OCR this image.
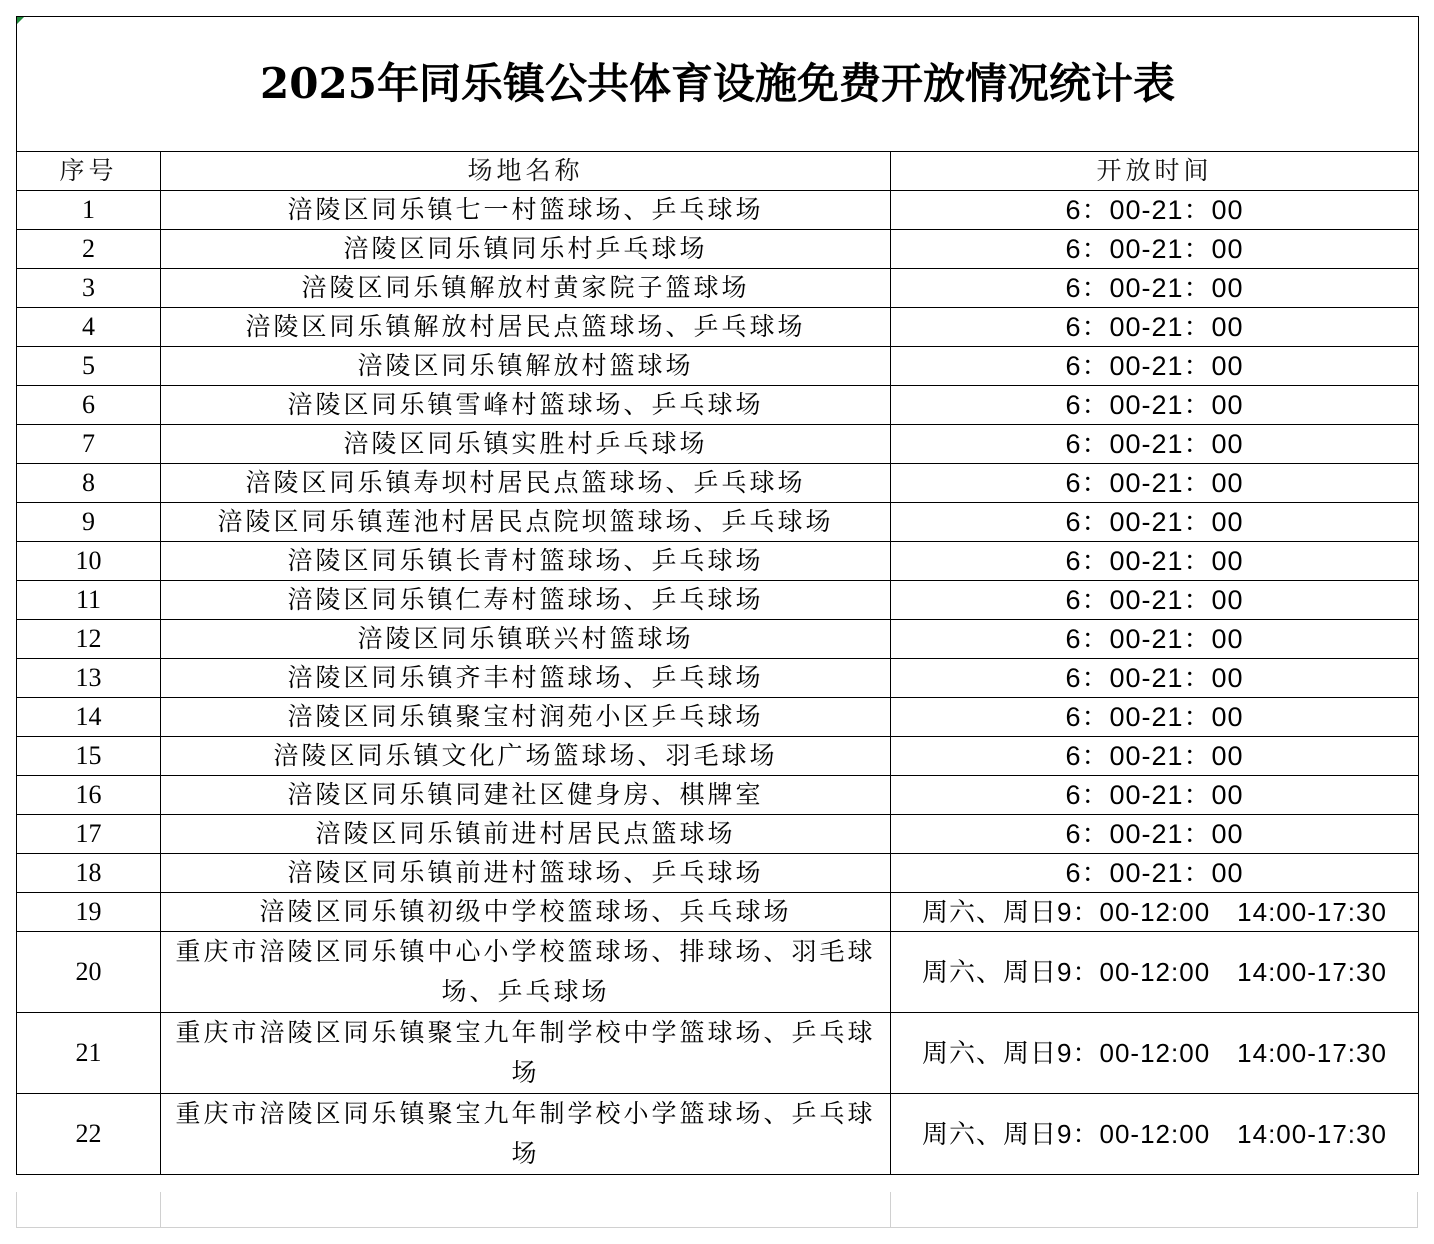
2025年同乐镇公共体育设施免费开放情况统计表		
序号	场地名称	开放时间
1	涪陵区同乐镇七一村篮球场、乒乓球场	6：00-21：00
2	涪陵区同乐镇同乐村乒乓球场	6：00-21：00
3	涪陵区同乐镇解放村黄家院子篮球场	6：00-21：00
4	涪陵区同乐镇解放村居民点篮球场、乒乓球场	6：00-21：00
5	涪陵区同乐镇解放村篮球场	6：00-21：00
6	涪陵区同乐镇雪峰村篮球场、乒乓球场	6：00-21：00
7	涪陵区同乐镇实胜村乒乓球场	6：00-21：00
8	涪陵区同乐镇寿坝村居民点篮球场、乒乓球场	6：00-21：00
9	涪陵区同乐镇莲池村居民点院坝篮球场、乒乓球场	6：00-21：00
10	涪陵区同乐镇长青村篮球场、乒乓球场	6：00-21：00
11	涪陵区同乐镇仁寿村篮球场、乒乓球场	6：00-21：00
12	涪陵区同乐镇联兴村篮球场	6：00-21：00
13	涪陵区同乐镇齐丰村篮球场、乒乓球场	6：00-21：00
14	涪陵区同乐镇聚宝村润苑小区乒乓球场	6：00-21：00
15	涪陵区同乐镇文化广场篮球场、羽毛球场	6：00-21：00
16	涪陵区同乐镇同建社区健身房、棋牌室	6：00-21：00
17	涪陵区同乐镇前进村居民点篮球场	6：00-21：00
18	涪陵区同乐镇前进村篮球场、乒乓球场	6：00-21：00
19	涪陵区同乐镇初级中学校篮球场、兵乓球场	周六、周日9：00-12:00　14:00-17:30
20	重庆市涪陵区同乐镇中心小学校篮球场、排球场、羽毛球场、乒乓球场	周六、周日9：00-12:00　14:00-17:30
21	重庆市涪陵区同乐镇聚宝九年制学校中学篮球场、乒乓球场	周六、周日9：00-12:00　14:00-17:30
22	重庆市涪陵区同乐镇聚宝九年制学校小学篮球场、乒乓球场	周六、周日9：00-12:00　14:00-17:30
